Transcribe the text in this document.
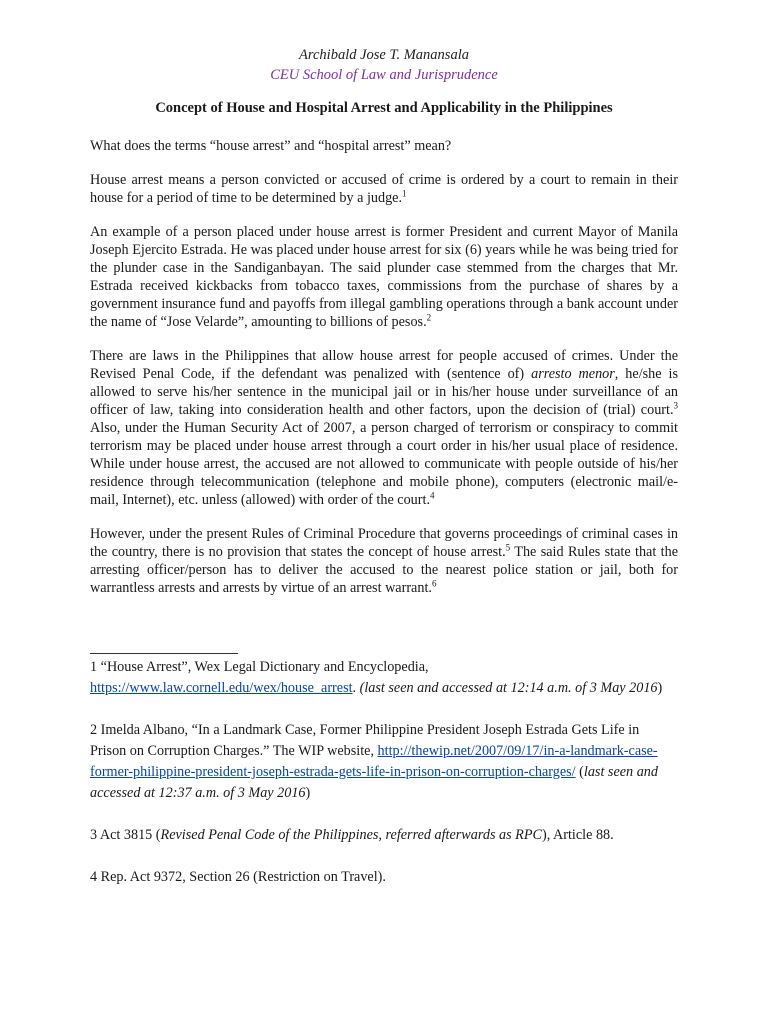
Archibald Jose T. Manansala
CEU School of Law and Jurisprudence
Concept of House and Hospital Arrest and Applicability in the Philippines

What does the terms “house arrest” and “hospital arrest” mean?

House arrest means a person convicted or accused of crime is ordered by a court to remain in their house for a period of time to be determined by a judge.$^1$

An example of a person placed under house arrest is former President and current Mayor of Manila Joseph Ejercito Estrada. He was placed under house arrest for six (6) years while he was being tried for the plunder case in the Sandiganbayan. The said plunder case stemmed from the charges that Mr. Estrada received kickbacks from tobacco taxes, commissions from the purchase of shares by a government insurance fund and payoffs from illegal gambling operations through a bank account under the name of “Jose Velarde”, amounting to billions of pesos.$^2$

There are laws in the Philippines that allow house arrest for people accused of crimes. Under the Revised Penal Code, if the defendant was penalized with (sentence of) arresto menor, he/she is allowed to serve his/her sentence in the municipal jail or in his/her house under surveillance of an officer of law, taking into consideration health and other factors, upon the decision of (trial) court.$^3$ Also, under the Human Security Act of 2007, a person charged of terrorism or conspiracy to commit terrorism may be placed under house arrest through a court order in his/her usual place of residence. While under house arrest, the accused are not allowed to communicate with people outside of his/her residence through telecommunication (telephone and mobile phone), computers (electronic mail/e-mail, Internet), etc. unless (allowed) with order of the court.$^4$

However, under the present Rules of Criminal Procedure that governs proceedings of criminal cases in the country, there is no provision that states the concept of house arrest.$^5$ The said Rules state that the arresting officer/person has to deliver the accused to the nearest police station or jail, both for warrantless arrests and arrests by virtue of an arrest warrant.$^6$

1 “House Arrest”, Wex Legal Dictionary and Encyclopedia,
https://www.law.cornell.edu/wex/house_arrest. (last seen and accessed at 12:14 a.m. of 3 May 2016)

2 Imelda Albano, “In a Landmark Case, Former Philippine President Joseph Estrada Gets Life in Prison on Corruption Charges.” The WIP website, http://thewip.net/2007/09/17/in-a-landmark-case-former-philippine-president-joseph-estrada-gets-life-in-prison-on-corruption-charges/ (last seen and accessed at 12:37 a.m. of 3 May 2016)

3 Act 3815 (Revised Penal Code of the Philippines, referred afterwards as RPC), Article 88.

4 Rep. Act 9372, Section 26 (Restriction on Travel).
